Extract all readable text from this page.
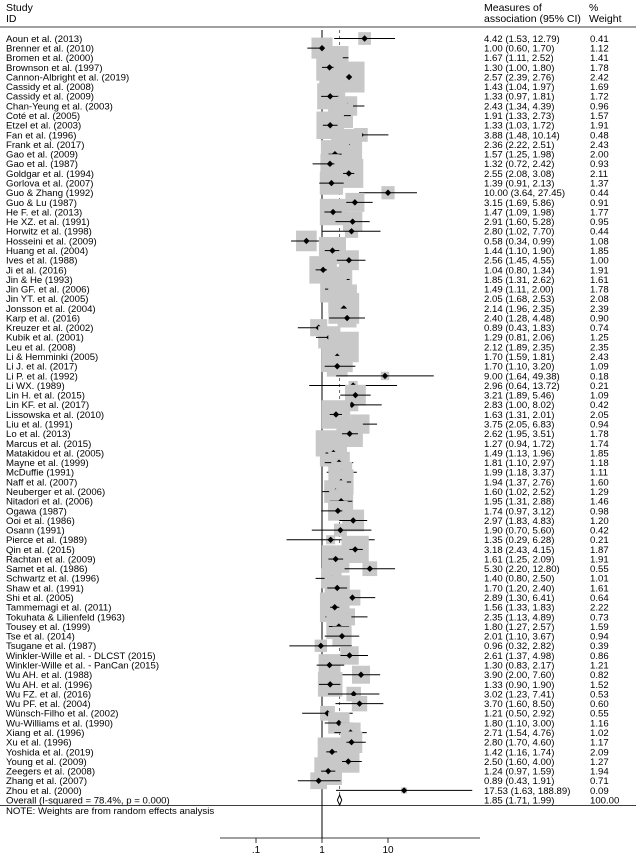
Study
ID
Measures of
association (95% CI)
%
Weight
Aoun et al. (2013)	4.42 (1.53, 12.79)	0.41
Brenner et al. (2010)	1.00 (0.60, 1.70)	1.12
Bromen et al. (2000)	1.67 (1.11, 2.52)	1.41
Brownson et al. (1997)	1.30 (1.00, 1.80)	1.78
Cannon-Albright et al. (2019)	2.57 (2.39, 2.76)	2.42
Cassidy et al. (2008)	1.43 (1.04, 1.97)	1.69
Cassidy et al. (2009)	1.33 (0.97, 1.81)	1.72
Chan-Yeung et al. (2003)	2.43 (1.34, 4.39)	0.96
Coté et al. (2005)	1.91 (1.33, 2.73)	1.57
Etzel et al. (2003)	1.33 (1.03, 1.72)	1.91
Fan et al. (1996)	3.88 (1.48, 10.14)	0.48
Frank et al. (2017)	2.36 (2.22, 2.51)	2.43
Gao et al. (2009)	1.57 (1.25, 1.98)	2.00
Gao et al. (1987)	1.32 (0.72, 2.42)	0.93
Goldgar et al. (1994)	2.55 (2.08, 3.08)	2.11
Gorlova et al. (2007)	1.39 (0.91, 2.13)	1.37
Guo & Zhang (1992)	10.00 (3.64, 27.45)	0.44
Guo & Lu (1987)	3.15 (1.69, 5.86)	0.91
He F. et al. (2013)	1.47 (1.09, 1.98)	1.77
He XZ. et al. (1991)	2.91 (1.60, 5.28)	0.95
Horwitz et al. (1998)	2.80 (1.02, 7.70)	0.44
Hosseini et al. (2009)	0.58 (0.34, 0.99)	1.08
Huang et al. (2004)	1.44 (1.10, 1.90)	1.85
Ives et al. (1988)	2.56 (1.45, 4.55)	1.00
Ji et al. (2016)	1.04 (0.80, 1.34)	1.91
Jin & He (1993)	1.85 (1.31, 2.62)	1.61
Jin GF. et al. (2006)	1.49 (1.11, 2.00)	1.78
Jin YT. et al. (2005)	2.05 (1.68, 2.53)	2.08
Jonsson et al. (2004)	2.14 (1.96, 2.35)	2.39
Karp et al. (2016)	2.40 (1.28, 4.48)	0.90
Kreuzer et al. (2002)	0.89 (0.43, 1.83)	0.74
Kubik et al. (2001)	1.29 (0.81, 2.06)	1.25
Leu et al. (2008)	2.12 (1.89, 2.35)	2.35
Li & Hemminki (2005)	1.70 (1.59, 1.81)	2.43
Li J. et al. (2017)	1.70 (1.10, 3.20)	1.09
Li P. et al. (1992)	9.00 (1.64, 49.38)	0.18
Li WX. (1989)	2.96 (0.64, 13.72)	0.21
Lin H. et al. (2015)	3.21 (1.89, 5.46)	1.09
Lin KF. et al. (2017)	2.83 (1.00, 8.02)	0.42
Lissowska et al. (2010)	1.63 (1.31, 2.01)	2.05
Liu et al. (1991)	3.75 (2.05, 6.83)	0.94
Lo et al. (2013)	2.62 (1.95, 3.51)	1.78
Marcus et al. (2015)	1.27 (0.94, 1.72)	1.74
Matakidou et al. (2005)	1.49 (1.13, 1.96)	1.85
Mayne et al. (1999)	1.81 (1.10, 2.97)	1.18
McDuffie (1991)	1.99 (1.18, 3.37)	1.11
Naff et al. (2007)	1.94 (1.37, 2.76)	1.60
Neuberger et al. (2006)	1.60 (1.02, 2.52)	1.29
Nitadori et al. (2006)	1.95 (1.31, 2.88)	1.46
Ogawa (1987)	1.74 (0.97, 3.12)	0.98
Ooi et al. (1986)	2.97 (1.83, 4.83)	1.20
Osann (1991)	1.90 (0.70, 5.60)	0.42
Pierce et al. (1989)	1.35 (0.29, 6.28)	0.21
Qin et al. (2015)	3.18 (2.43, 4.15)	1.87
Rachtan et al. (2009)	1.61 (1.25, 2.09)	1.91
Samet et al. (1986)	5.30 (2.20, 12.80)	0.55
Schwartz et al. (1996)	1.40 (0.80, 2.50)	1.01
Shaw et al. (1991)	1.70 (1.20, 2.40)	1.61
Shi et al. (2005)	2.89 (1.30, 6.41)	0.64
Tammemagi et al. (2011)	1.56 (1.33, 1.83)	2.22
Tokuhata & Lilienfeld (1963)	2.35 (1.13, 4.89)	0.73
Tousey et al. (1999)	1.80 (1.27, 2.57)	1.59
Tse et al. (2014)	2.01 (1.10, 3.67)	0.94
Tsugane et al. (1987)	0.96 (0.32, 2.82)	0.39
Winkler-Wille et al. - DLCST (2015)	2.61 (1.37, 4.98)	0.86
Winkler-Wille et al. - PanCan (2015)	1.30 (0.83, 2.17)	1.21
Wu AH. et al. (1988)	3.90 (2.00, 7.60)	0.82
Wu AH. et al. (1996)	1.33 (0.90, 1.90)	1.52
Wu FZ. et al. (2016)	3.02 (1.23, 7.41)	0.53
Wu PF. et al. (2004)	3.70 (1.60, 8.50)	0.60
Wünsch-Filho et al. (2002)	1.21 (0.50, 2.92)	0.55
Wu-Williams et al. (1990)	1.80 (1.10, 3.00)	1.16
Xiang et al. (1996)	2.71 (1.54, 4.76)	1.02
Xu et al. (1996)	2.80 (1.70, 4.60)	1.17
Yoshida et al. (2019)	1.42 (1.16, 1.74)	2.09
Young et al. (2009)	2.50 (1.60, 4.00)	1.27
Zeegers et al. (2008)	1.24 (0.97, 1.59)	1.94
Zhang et al. (2007)	0.89 (0.43, 1.91)	0.71
Zhou et al. (2000)	17.53 (1.63, 188.89) 0.09
Overall (I-squared = 78.4%, p = 0.000)	1.85 (1.71, 1.99)	100.00
NOTE: Weights are from random effects analysis
.1	1	10
